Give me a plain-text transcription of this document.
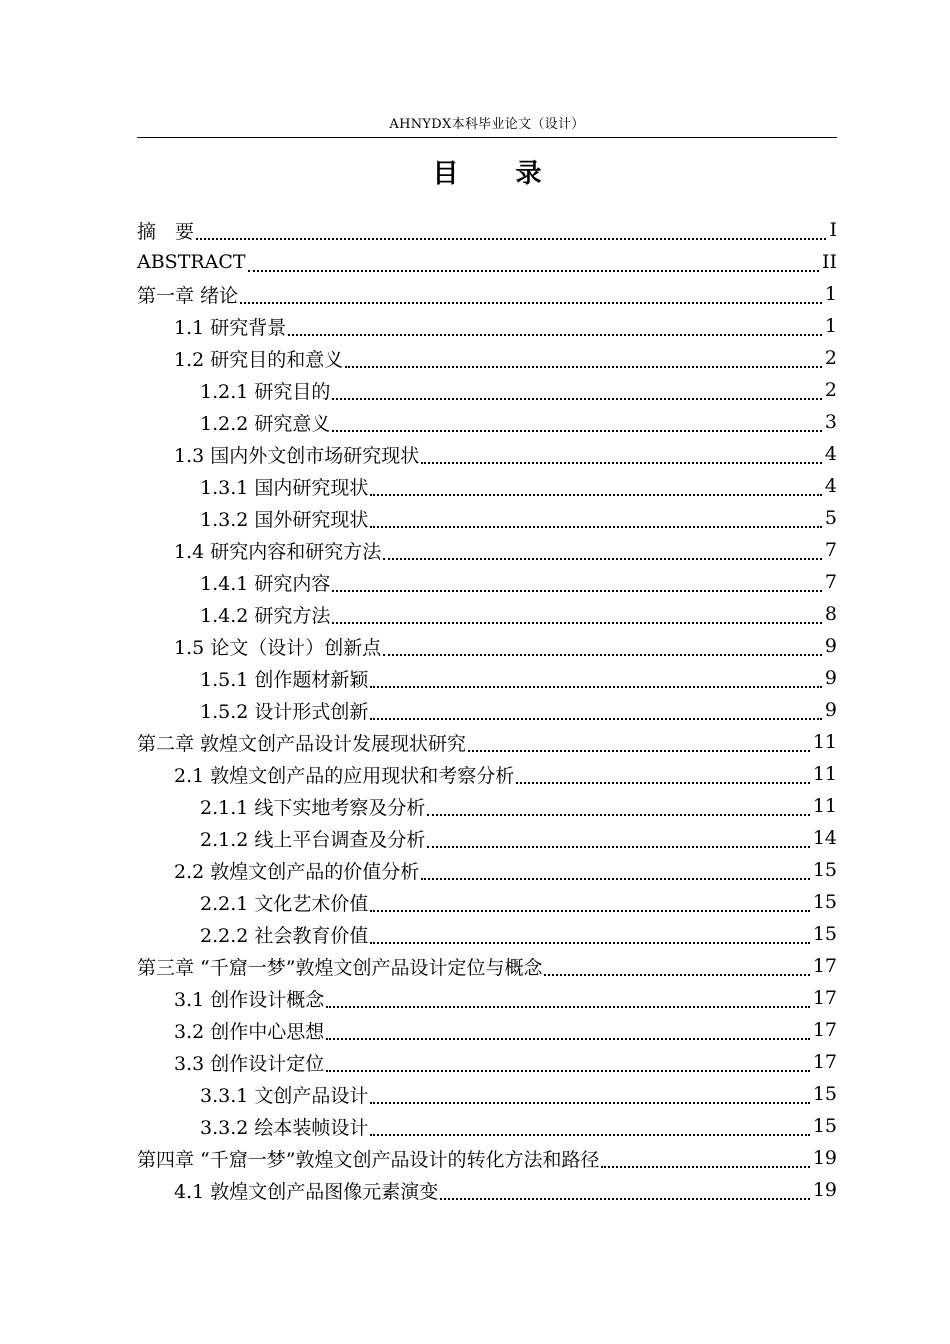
AHNYDX本科毕业论文（设计）
目 录
摘　要	I
ABSTRACT	II
第一章 绪论	1
1.1 研究背景	1
1.2 研究目的和意义	2
1.2.1 研究目的	2
1.2.2 研究意义	3
1.3 国内外文创市场研究现状	4
1.3.1 国内研究现状	4
1.3.2 国外研究现状	5
1.4 研究内容和研究方法	7
1.4.1 研究内容	7
1.4.2 研究方法	8
1.5 论文（设计）创新点	9
1.5.1 创作题材新颖	9
1.5.2 设计形式创新	9
第二章 敦煌文创产品设计发展现状研究	11
2.1 敦煌文创产品的应用现状和考察分析	11
2.1.1 线下实地考察及分析	11
2.1.2 线上平台调查及分析	14
2.2 敦煌文创产品的价值分析	15
2.2.1 文化艺术价值	15
2.2.2 社会教育价值	15
第三章 “千窟一梦”敦煌文创产品设计定位与概念	17
3.1 创作设计概念	17
3.2 创作中心思想	17
3.3 创作设计定位	17
3.3.1 文创产品设计	15
3.3.2 绘本装帧设计	15
第四章 “千窟一梦”敦煌文创产品设计的转化方法和路径	19
4.1 敦煌文创产品图像元素演变	19
